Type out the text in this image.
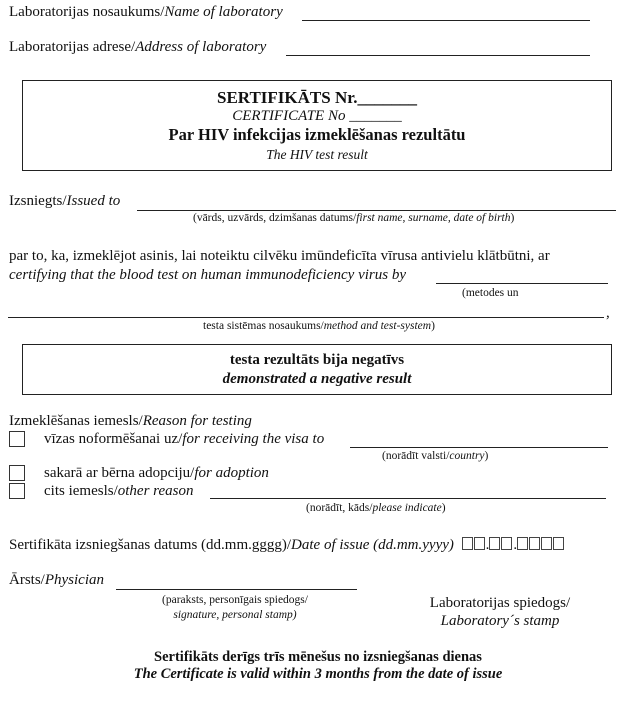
Laboratorijas nosaukums/Name of laboratory
Laboratorijas adrese/Address of laboratory
SERTIFIKĀTS Nr._______
CERTIFICATE No _______
Par HIV infekcijas izmeklēšanas rezultātu
The HIV test result
Izsniegts/Issued to
(vārds, uzvārds, dzimšanas datums/first name, surname, date of birth)
par to, ka, izmeklējot asinis, lai noteiktu cilvēku imūndeficīta vīrusa antivielu klātbūtni, ar
certifying that the blood test on human immunodeficiency virus by
(metodes un
,
testa sistēmas nosaukums/method and test-system)
testa rezultāts bija negatīvs
demonstrated a negative result
Izmeklēšanas iemesls/Reason for testing
vīzas noformēšanai uz/for receiving the visa to
(norādīt valsti/country)
sakarā ar bērna adopciju/for adoption
cits iemesls/other reason
(norādīt, kāds/please indicate)
Sertifikāta izsniegšanas datums (dd.mm.gggg)/Date of issue (dd.mm.yyyy) . .
Ārsts/Physician
(paraksts, personīgais spiedogs/
signature, personal stamp)
Laboratorijas spiedogs/
Laboratory´s stamp
Sertifikāts derīgs trīs mēnešus no izsniegšanas dienas
The Certificate is valid within 3 months from the date of issue
